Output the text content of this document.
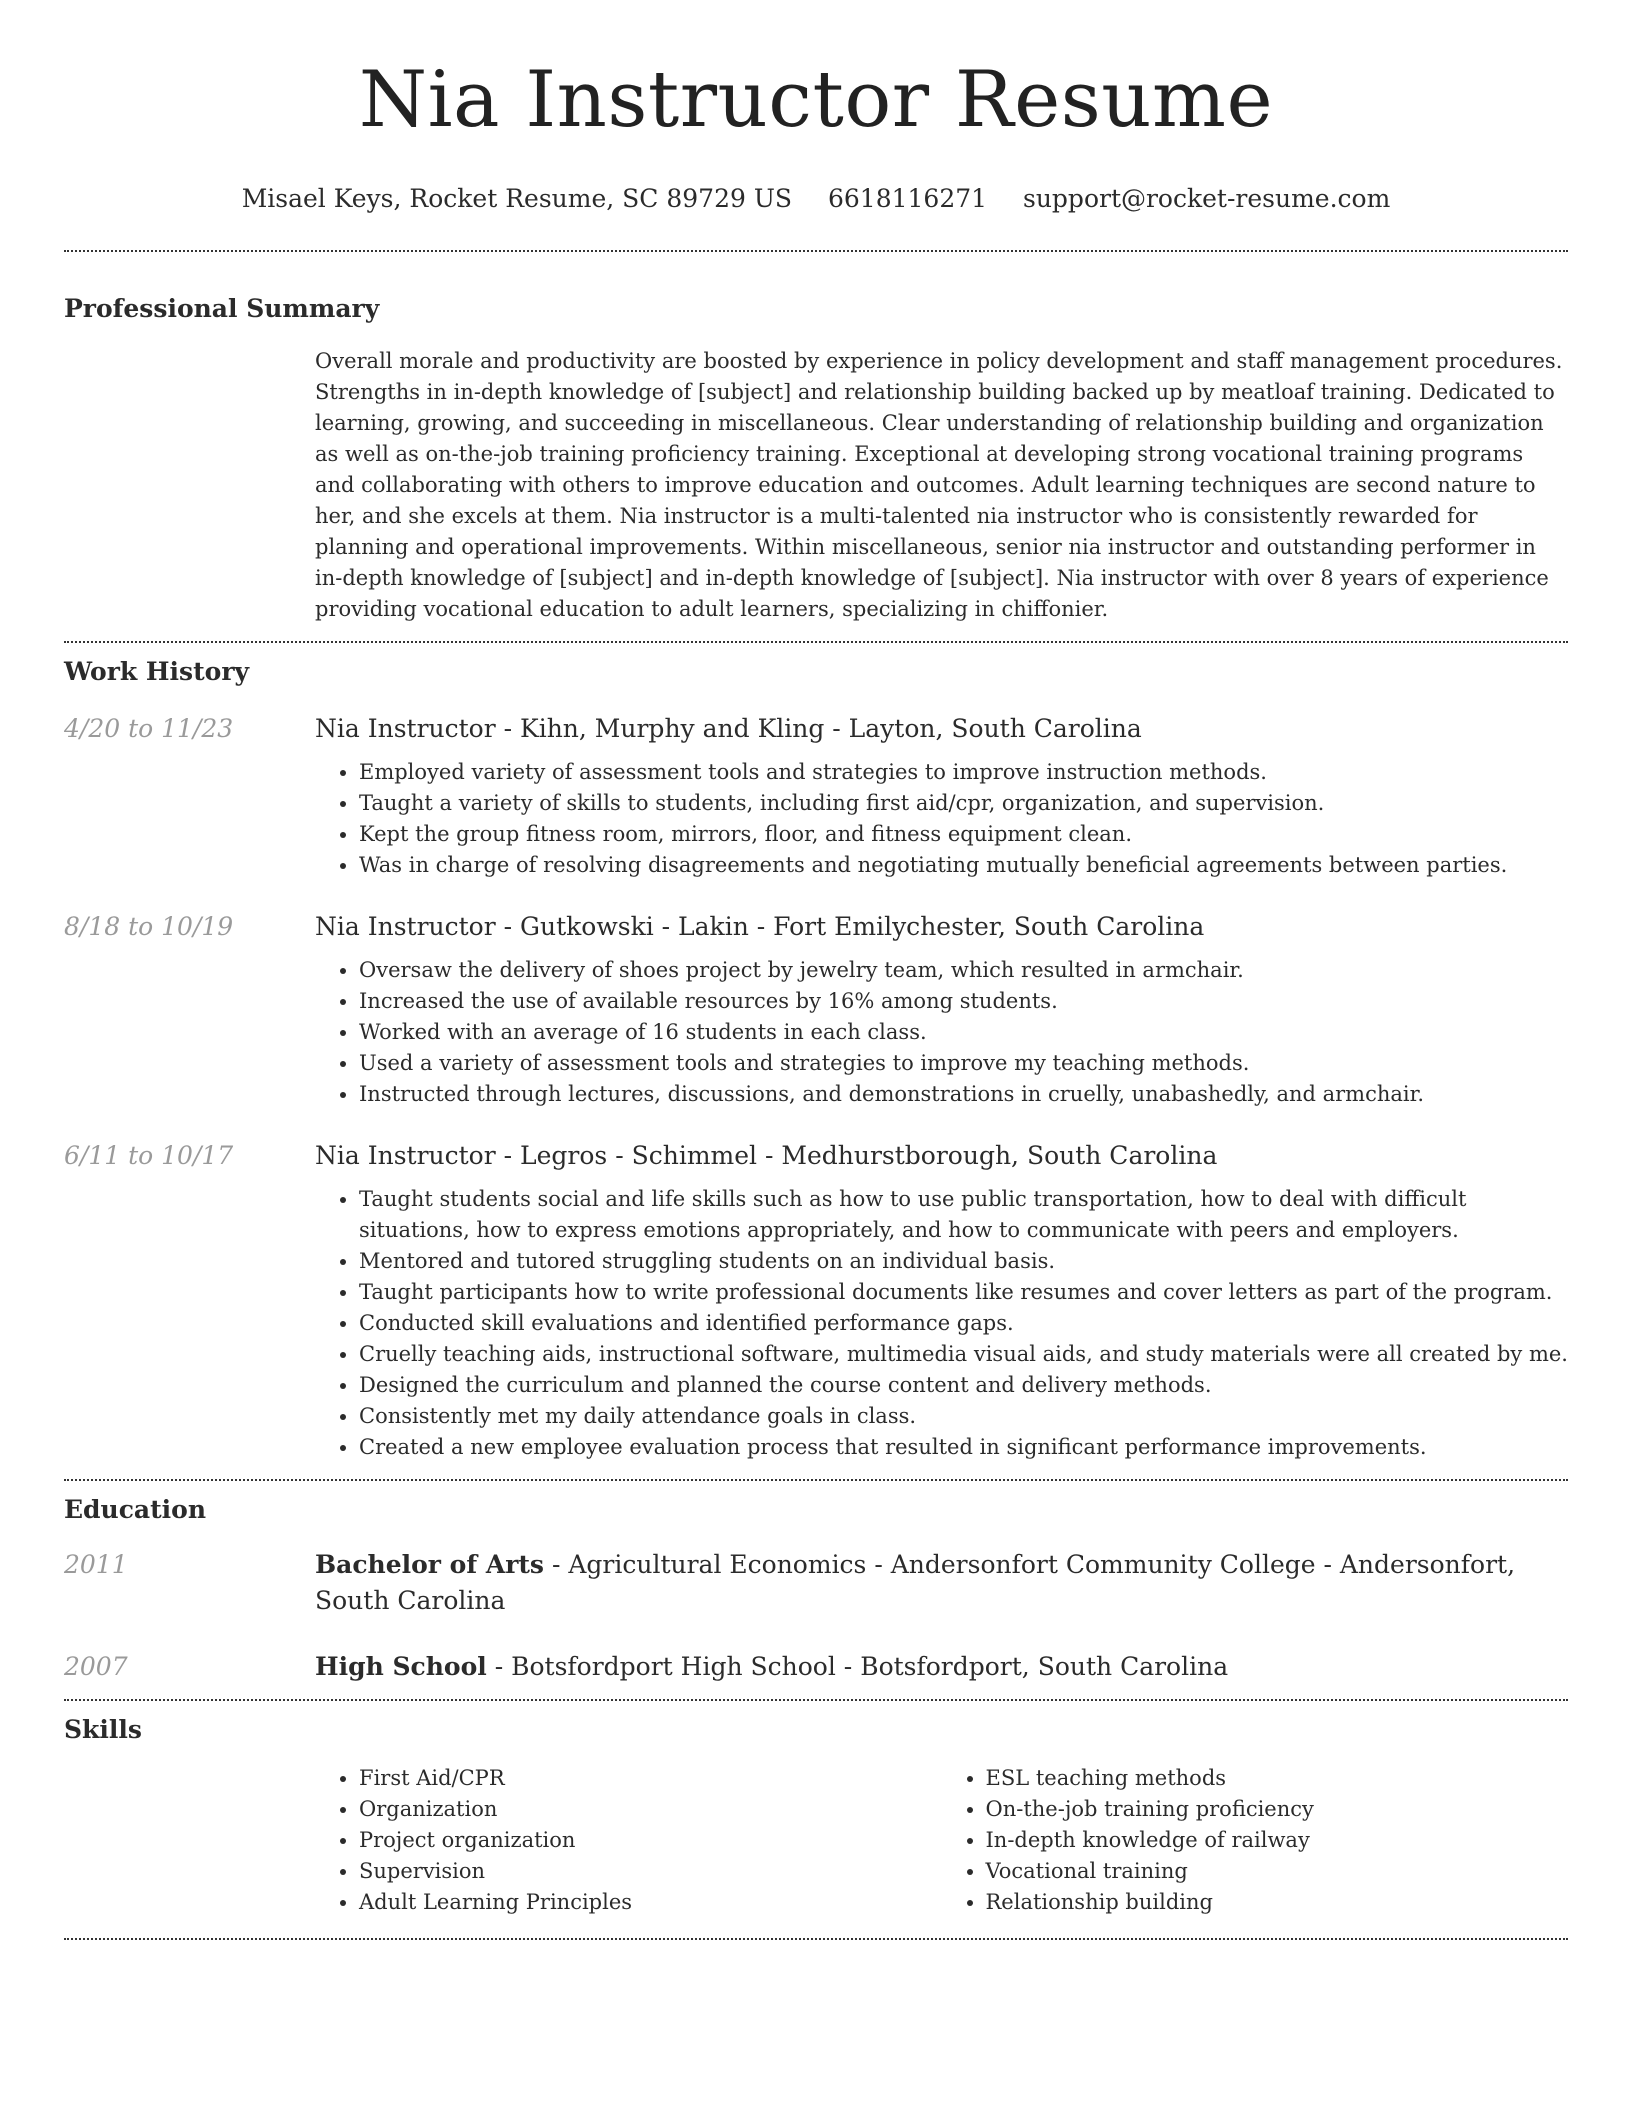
Nia Instructor Resume
Misael Keys, Rocket Resume, SC 89729 US 6618116271 support@rocket-resume.com
Professional Summary
Overall morale and productivity are boosted by experience in policy development and staff management procedures. Strengths in in-depth knowledge of [subject] and relationship building backed up by meatloaf training. Dedicated to learning, growing, and succeeding in miscellaneous. Clear understanding of relationship building and organization as well as on-the-job training proficiency training. Exceptional at developing strong vocational training programs and collaborating with others to improve education and outcomes. Adult learning techniques are second nature to her, and she excels at them. Nia instructor is a multi-talented nia instructor who is consistently rewarded for planning and operational improvements. Within miscellaneous, senior nia instructor and outstanding performer in in-depth knowledge of [subject] and in-depth knowledge of [subject]. Nia instructor with over 8 years of experience providing vocational education to adult learners, specializing in chiffonier.
Work History
4/20 to 11/23	Nia Instructor - Kihn, Murphy and Kling - Layton, South Carolina
• Employed variety of assessment tools and strategies to improve instruction methods.
• Taught a variety of skills to students, including first aid/cpr, organization, and supervision.
• Kept the group fitness room, mirrors, floor, and fitness equipment clean.
• Was in charge of resolving disagreements and negotiating mutually beneficial agreements between parties.
8/18 to 10/19	Nia Instructor - Gutkowski - Lakin - Fort Emilychester, South Carolina
• Oversaw the delivery of shoes project by jewelry team, which resulted in armchair.
• Increased the use of available resources by 16% among students.
• Worked with an average of 16 students in each class.
• Used a variety of assessment tools and strategies to improve my teaching methods.
• Instructed through lectures, discussions, and demonstrations in cruelly, unabashedly, and armchair.
6/11 to 10/17	Nia Instructor - Legros - Schimmel - Medhurstborough, South Carolina
• Taught students social and life skills such as how to use public transportation, how to deal with difficult situations, how to express emotions appropriately, and how to communicate with peers and employers.
• Mentored and tutored struggling students on an individual basis.
• Taught participants how to write professional documents like resumes and cover letters as part of the program.
• Conducted skill evaluations and identified performance gaps.
• Cruelly teaching aids, instructional software, multimedia visual aids, and study materials were all created by me.
• Designed the curriculum and planned the course content and delivery methods.
• Consistently met my daily attendance goals in class.
• Created a new employee evaluation process that resulted in significant performance improvements.
Education
2011	Bachelor of Arts - Agricultural Economics - Andersonfort Community College - Andersonfort, South Carolina
2007	High School - Botsfordport High School - Botsfordport, South Carolina
Skills
• First Aid/CPR
• Organization
• Project organization
• Supervision
• Adult Learning Principles
• ESL teaching methods
• On-the-job training proficiency
• In-depth knowledge of railway
• Vocational training
• Relationship building
